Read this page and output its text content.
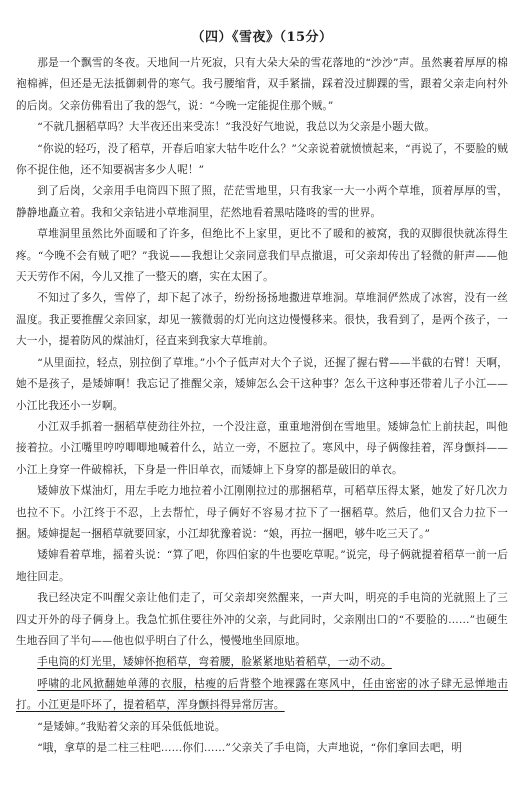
（四）《雪夜》（15分）

那是一个飘雪的冬夜。天地间一片死寂，只有大朵大朵的雪花落地的“沙沙”声。虽然裹着厚厚的棉袍棉裤，但还是无法抵御刺骨的寒气。我弓腰缩背，双手紧揣，踩着没过脚踝的雪，跟着父亲走向村外的后岗。父亲仿佛看出了我的怨气，说：“今晚一定能捉住那个贼。”

“不就几捆稻草吗？大半夜还出来受冻！”我没好气地说，我总以为父亲是小题大做。

“你说的轻巧，没了稻草，开春后咱家大牯牛吃什么？”父亲说着就愤愤起来，“再说了，不要脸的贼你不捉住他，还不知要祸害多少人呢！”

到了后岗，父亲用手电筒四下照了照，茫茫雪地里，只有我家一大一小两个草堆，顶着厚厚的雪，静静地矗立着。我和父亲钻进小草堆洞里，茫然地看着黑咕隆咚的雪的世界。

草堆洞里虽然比外面暖和了许多，但绝比不上家里，更比不了暖和的被窝，我的双脚很快就冻得生疼。“今晚不会有贼了吧？”我说——我想让父亲同意我们早点撤退，可父亲却传出了轻微的鼾声——他天天劳作不闲，今儿又推了一整天的磨，实在太困了。

不知过了多久，雪停了，却下起了冰子，纷纷扬扬地撒进草堆洞。草堆洞俨然成了冰窖，没有一丝温度。我正要推醒父亲回家，却见一簇微弱的灯光向这边慢慢移来。很快，我看到了，是两个孩子，一大一小，提着防风的煤油灯，径直来到我家大草堆前。

“从里面拉，轻点，别拉倒了草堆。”小个子低声对大个子说，还握了握右臂——半截的右臂！天啊，她不是孩子，是矮婶啊！我忘记了推醒父亲，矮婶怎么会干这种事？怎么干这种事还带着儿子小江——小江比我还小一岁啊。

小江双手抓着一捆稻草使劲往外拉，一个没注意，重重地滑倒在雪地里。矮婶急忙上前扶起，叫他接着拉。小江嘴里哼哼唧唧地喊着什么，站立一旁，不愿拉了。寒风中，母子俩像挂着，浑身颤抖——小江上身穿一件破棉袄，下身是一件旧单衣，而矮婶上下身穿的都是破旧的单衣。

矮婶放下煤油灯，用左手吃力地拉着小江刚刚拉过的那捆稻草，可稻草压得太紧，她发了好几次力也拉不下。小江终于不忍，上去帮忙，母子俩好不容易才拉下了一捆稻草。然后，他们又合力拉下一捆。矮婶提起一捆稻草就要回家，小江却犹豫着说：“娘，再拉一捆吧，够牛吃三天了。”

矮婶看着草堆，摇着头说：“算了吧，你四伯家的牛也要吃草呢。”说完，母子俩就提着稻草一前一后地往回走。

我已经决定不叫醒父亲让他们走了，可父亲却突然醒来，一声大叫，明亮的手电筒的光就照上了三四丈开外的母子俩身上。我急忙抓住要往外冲的父亲，与此同时，父亲刚出口的“不要脸的……”也硬生生地吞回了半句——他也似乎明白了什么，慢慢地坐回原地。

手电筒的灯光里，矮婶怀抱稻草，弯着腰，脸紧紧地贴着稻草，一动不动。

呼啸的北风掀翻她单薄的衣服，枯瘦的后背整个地裸露在寒风中，任由密密的冰子肆无忌惮地击打。小江更是吓坏了，提着稻草，浑身颤抖得异常厉害。

“是矮婶。”我贴着父亲的耳朵低低地说。

“哦，拿草的是二柱三柱吧……你们……”父亲关了手电筒，大声地说，“你们拿回去吧，明
